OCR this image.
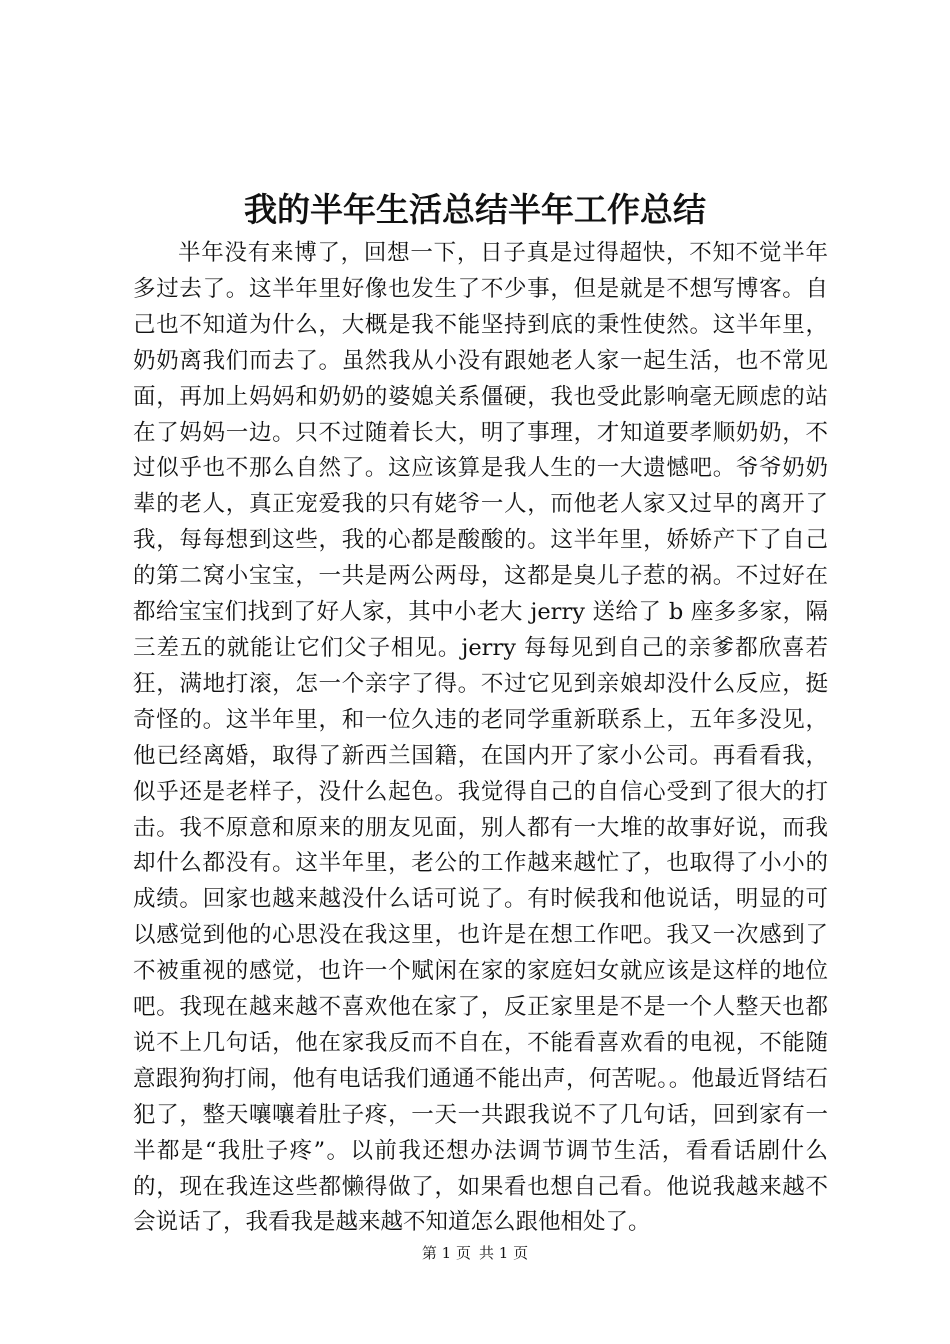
我的半年生活总结半年工作总结

半年没有来博了，回想一下，日子真是过得超快，不知不觉半年多过去了。这半年里好像也发生了不少事，但是就是不想写博客。自己也不知道为什么，大概是我不能坚持到底的秉性使然。这半年里，奶奶离我们而去了。虽然我从小没有跟她老人家一起生活，也不常见面，再加上妈妈和奶奶的婆媳关系僵硬，我也受此影响毫无顾虑的站在了妈妈一边。只不过随着长大，明了事理，才知道要孝顺奶奶，不过似乎也不那么自然了。这应该算是我人生的一大遗憾吧。爷爷奶奶辈的老人，真正宠爱我的只有姥爷一人，而他老人家又过早的离开了我，每每想到这些，我的心都是酸酸的。这半年里，娇娇产下了自己的第二窝小宝宝，一共是两公两母，这都是臭儿子惹的祸。不过好在都给宝宝们找到了好人家，其中小老大 jerry 送给了 b 座多多家，隔三差五的就能让它们父子相见。jerry 每每见到自己的亲爹都欣喜若狂，满地打滚，怎一个亲字了得。不过它见到亲娘却没什么反应，挺奇怪的。这半年里，和一位久违的老同学重新联系上，五年多没见，他已经离婚，取得了新西兰国籍，在国内开了家小公司。再看看我，似乎还是老样子，没什么起色。我觉得自己的自信心受到了很大的打击。我不原意和原来的朋友见面，别人都有一大堆的故事好说，而我却什么都没有。这半年里，老公的工作越来越忙了，也取得了小小的成绩。回家也越来越没什么话可说了。有时候我和他说话，明显的可以感觉到他的心思没在我这里，也许是在想工作吧。我又一次感到了不被重视的感觉，也许一个赋闲在家的家庭妇女就应该是这样的地位吧。我现在越来越不喜欢他在家了，反正家里是不是一个人整天也都说不上几句话，他在家我反而不自在，不能看喜欢看的电视，不能随意跟狗狗打闹，他有电话我们通通不能出声，何苦呢。。他最近肾结石犯了，整天嚷嚷着肚子疼，一天一共跟我说不了几句话，回到家有一半都是“我肚子疼”。以前我还想办法调节调节生活，看看话剧什么的，现在我连这些都懒得做了，如果看也想自己看。他说我越来越不会说话了，我看我是越来越不知道怎么跟他相处了。

第 1 页 共 1 页
